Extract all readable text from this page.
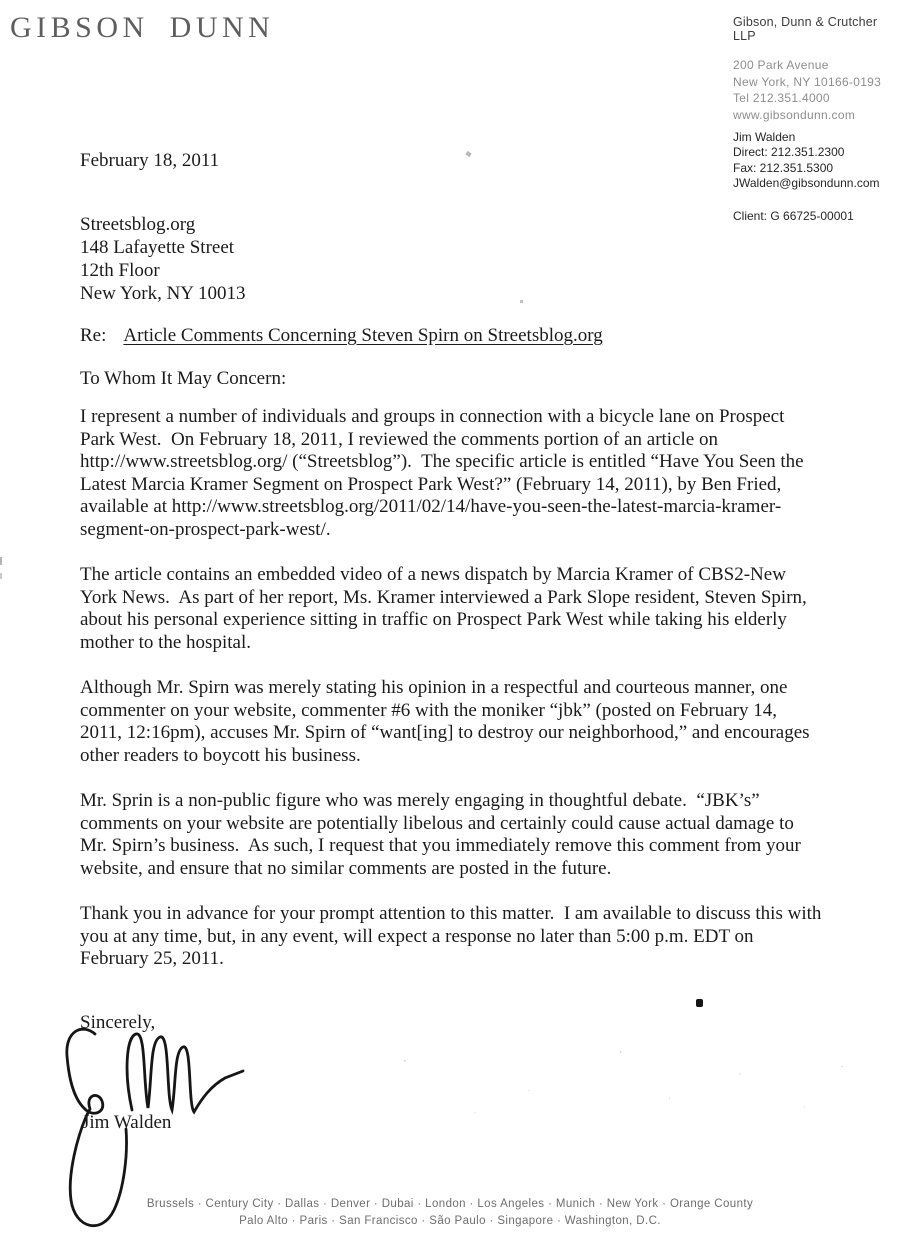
GIBSON DUNN	Gibson, Dunn & Crutcher LLP
200 Park Avenue
New York, NY 10166-0193
Tel 212.351.4000
www.gibsondunn.com
Jim Walden
Direct: 212.351.2300
Fax: 212.351.5300
JWalden@gibsondunn.com
Client: G 66725-00001
February 18, 2011
Streetsblog.org
148 Lafayette Street
12th Floor
New York, NY 10013
Re: Article Comments Concerning Steven Spirn on Streetsblog.org
To Whom It May Concern:

I represent a number of individuals and groups in connection with a bicycle lane on Prospect Park West.  On February 18, 2011, I reviewed the comments portion of an article on http://www.streetsblog.org/ (“Streetsblog”).  The specific article is entitled “Have You Seen the Latest Marcia Kramer Segment on Prospect Park West?” (February 14, 2011), by Ben Fried, available at http://www.streetsblog.org/2011/02/14/have-you-seen-the-latest-marcia-kramer-segment-on-prospect-park-west/.

The article contains an embedded video of a news dispatch by Marcia Kramer of CBS2-New York News.  As part of her report, Ms. Kramer interviewed a Park Slope resident, Steven Spirn, about his personal experience sitting in traffic on Prospect Park West while taking his elderly mother to the hospital.

Although Mr. Spirn was merely stating his opinion in a respectful and courteous manner, one commenter on your website, commenter #6 with the moniker “jbk” (posted on February 14, 2011, 12:16pm), accuses Mr. Spirn of “want[ing] to destroy our neighborhood,” and encourages other readers to boycott his business.

Mr. Sprin is a non-public figure who was merely engaging in thoughtful debate.  “JBK’s” comments on your website are potentially libelous and certainly could cause actual damage to Mr. Spirn’s business.  As such, I request that you immediately remove this comment from your website, and ensure that no similar comments are posted in the future.

Thank you in advance for your prompt attention to this matter.  I am available to discuss this with you at any time, but, in any event, will expect a response no later than 5:00 p.m. EDT on February 25, 2011.

Sincerely,
Jim Walden
Brussels · Century City · Dallas · Denver · Dubai · London · Los Angeles · Munich · New York · Orange County
Palo Alto · Paris · San Francisco · São Paulo · Singapore · Washington, D.C.
